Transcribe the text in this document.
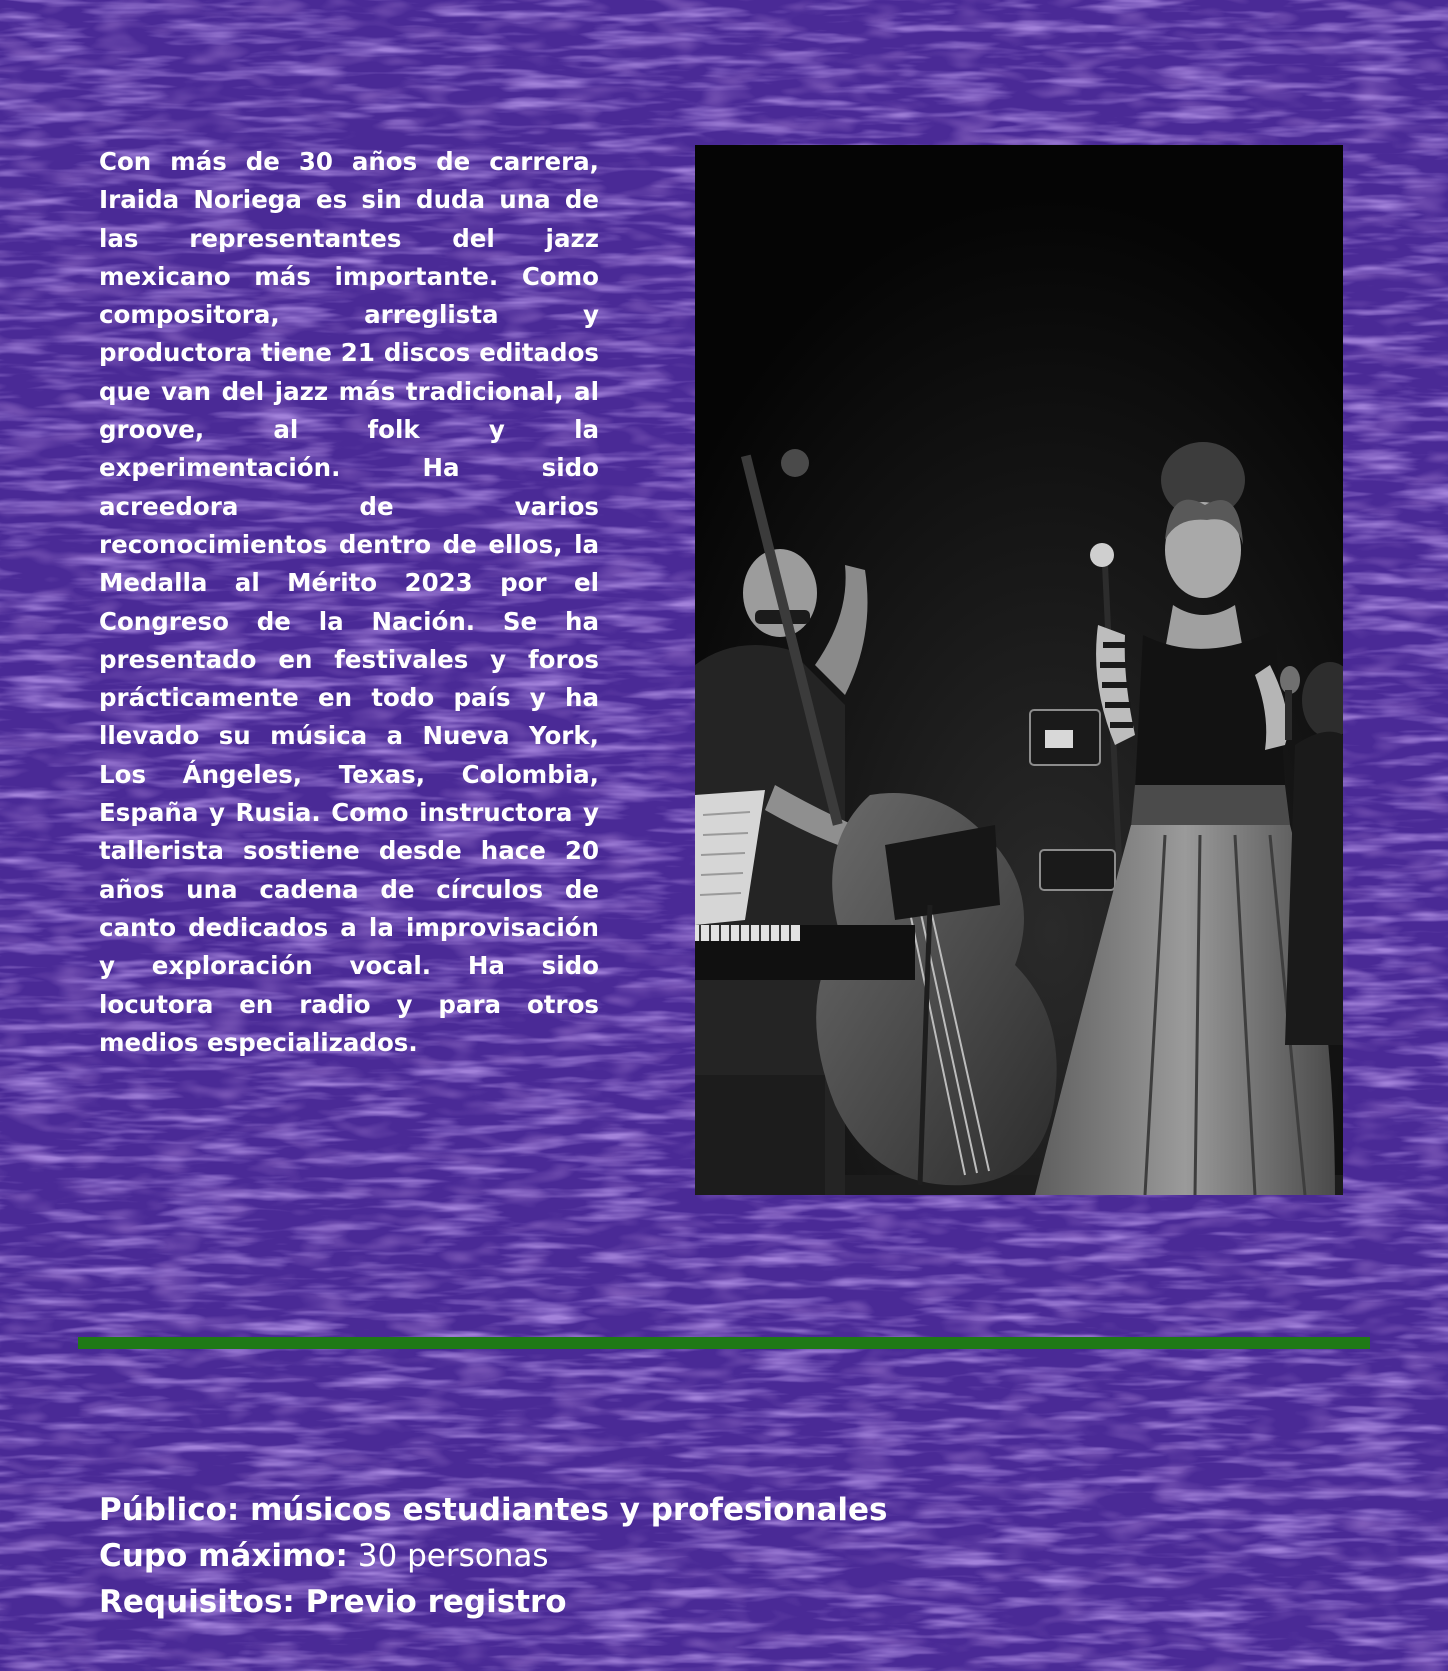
Con más de 30 años de carrera, Iraida Noriega es sin duda una de las representantes del jazz mexicano más importante. Como compositora, arreglista y productora tiene 21 discos editados que van del jazz más tradicional, al groove, al folk y la experimentación. Ha sido acreedora de varios reconocimientos dentro de ellos, la Medalla al Mérito 2023 por el Congreso de la Nación. Se ha presentado en festivales y foros prácticamente en todo país y ha llevado su música a Nueva York, Los Ángeles, Texas, Colombia, España y Rusia. Como instructora y tallerista sostiene desde hace 20 años una cadena de círculos de canto dedicados a la improvisación y exploración vocal. Ha sido locutora en radio y para otros medios especializados.

Público: músicos estudiantes y profesionales
Cupo máximo: 30 personas
Requisitos: Previo registro
